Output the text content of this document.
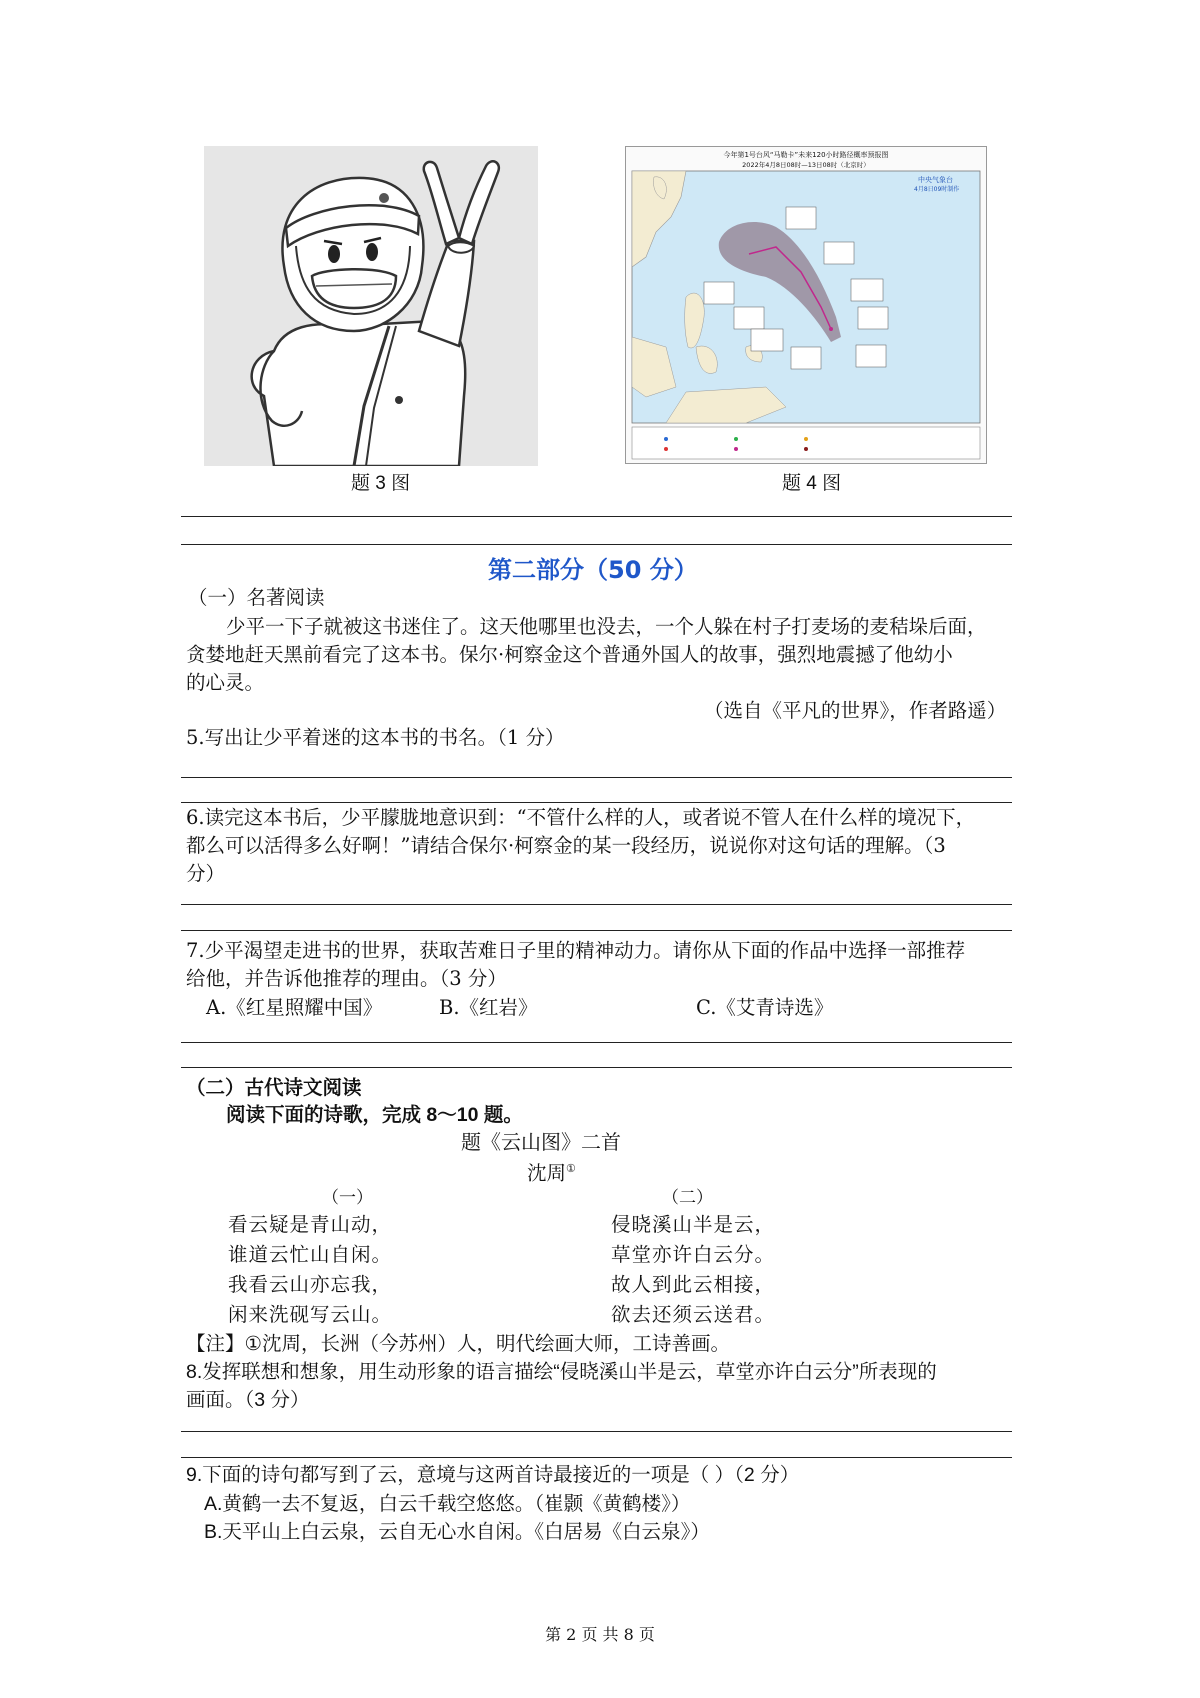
题 3 图
今年第1号台风“马勒卡”未来120小时路径概率预报图
2022年4月8日08时—13日08时（北京时）
中央气象台
4月8日09时制作
题 4 图
第二部分（50 分）
（一）名著阅读
少平一下子就被这书迷住了。这天他哪里也没去，一个人躲在村子打麦场的麦秸垛后面，
贪婪地赶天黑前看完了这本书。保尔·柯察金这个普通外国人的故事，强烈地震撼了他幼小
的心灵。
（选自《平凡的世界》，作者路遥）
5.写出让少平着迷的这本书的书名。（1 分）
6.读完这本书后，少平朦胧地意识到：“不管什么样的人，或者说不管人在什么样的境况下，
都么可以活得多么好啊！”请结合保尔·柯察金的某一段经历，说说你对这句话的理解。（3
分）
7.少平渴望走进书的世界，获取苦难日子里的精神动力。请你从下面的作品中选择一部推荐
给他，并告诉他推荐的理由。（3 分）
A.《红星照耀中国》	B.《红岩》	C.《艾青诗选》
（二）古代诗文阅读
阅读下面的诗歌，完成 8～10 题。
题《云山图》二首
沈周①
（一）	（二）
看云疑是青山动，
谁道云忙山自闲。
我看云山亦忘我，
闲来洗砚写云山。
侵晓溪山半是云，
草堂亦许白云分。
故人到此云相接，
欲去还须云送君。
【注】①沈周，长洲（今苏州）人，明代绘画大师，工诗善画。
8.发挥联想和想象，用生动形象的语言描绘“侵晓溪山半是云，草堂亦许白云分”所表现的
画面。（3 分）
9.下面的诗句都写到了云，意境与这两首诗最接近的一项是（ ）（2 分）
A.黄鹤一去不复返，白云千载空悠悠。（崔颢《黄鹤楼》）
B.天平山上白云泉，云自无心水自闲。《白居易《白云泉》）
第 2 页 共 8 页
